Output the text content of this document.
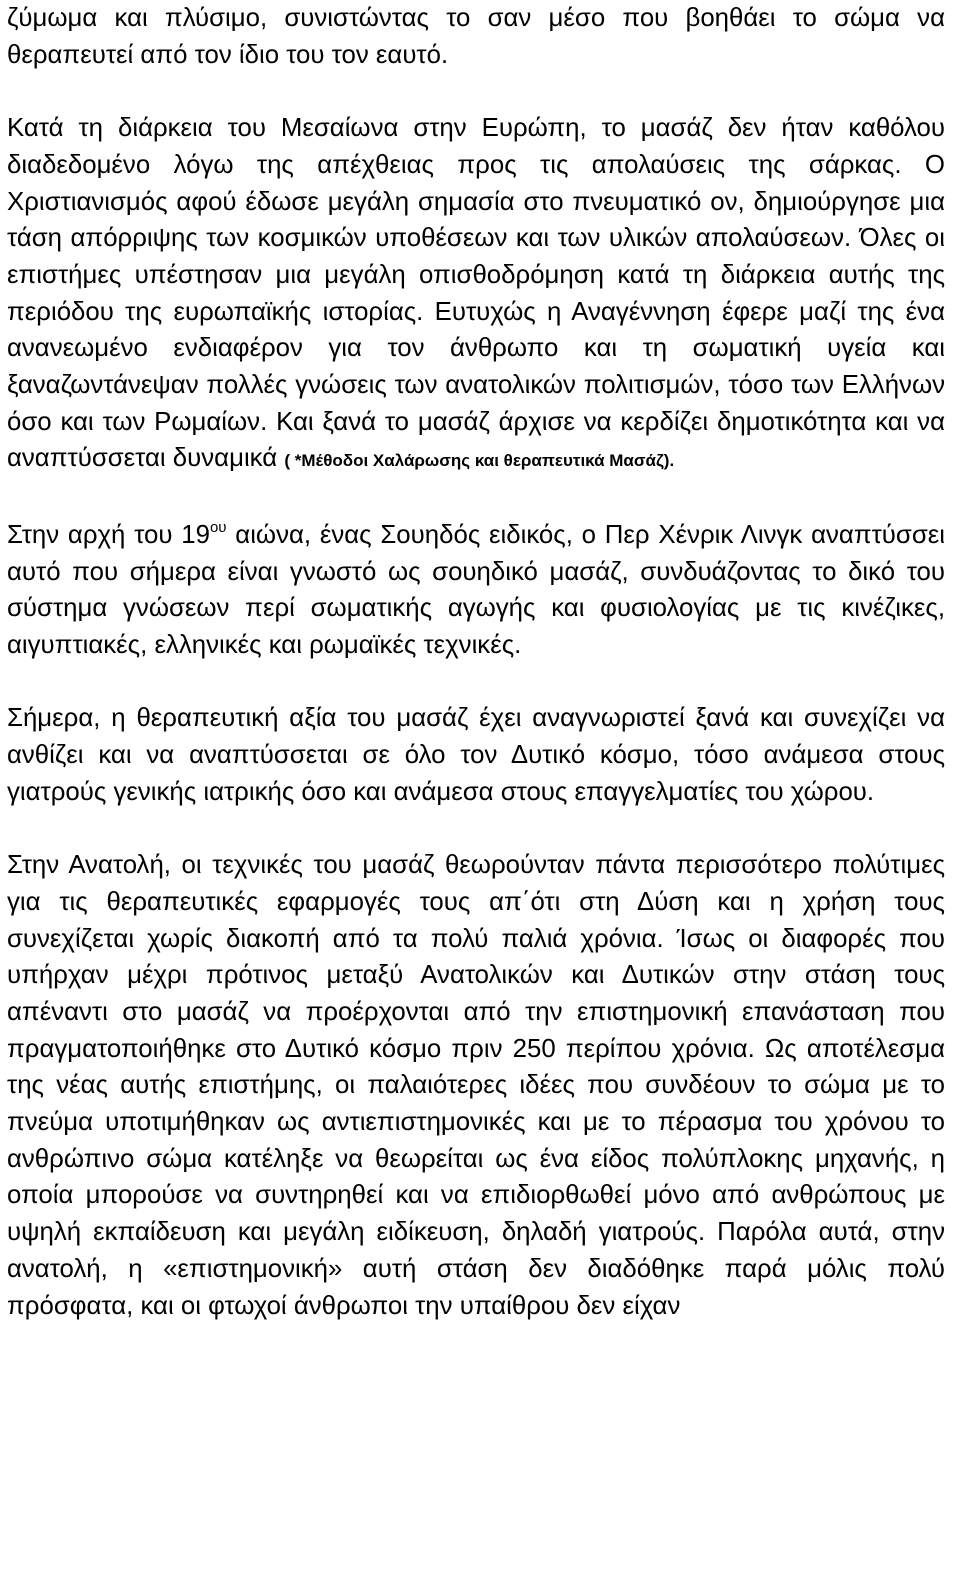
ζύμωμα και πλύσιμο, συνιστώντας το σαν μέσο που βοηθάει το σώμα να θεραπευτεί από τον ίδιο του τον εαυτό.

Κατά τη διάρκεια του Μεσαίωνα στην Ευρώπη, το μασάζ δεν ήταν καθόλου διαδεδομένο λόγω της απέχθειας προς τις απολαύσεις της σάρκας. Ο Χριστιανισμός αφού έδωσε μεγάλη σημασία στο πνευματικό ον, δημιούργησε μια τάση απόρριψης των κοσμικών υποθέσεων και των υλικών απολαύσεων. Όλες οι επιστήμες υπέστησαν μια μεγάλη οπισθοδρόμηση κατά τη διάρκεια αυτής της περιόδου της ευρωπαϊκής ιστορίας. Ευτυχώς η Αναγέννηση έφερε μαζί της ένα ανανεωμένο ενδιαφέρον για τον άνθρωπο και τη σωματική υγεία και ξαναζωντάνεψαν πολλές γνώσεις των ανατολικών πολιτισμών, τόσο των Ελλήνων όσο και των Ρωμαίων. Και ξανά το μασάζ άρχισε να κερδίζει δημοτικότητα και να αναπτύσσεται δυναμικά ( *Μέθοδοι Χαλάρωσης και θεραπευτικά Μασάζ).

Στην αρχή του $19^{o\upsilon}$ αιώνα, ένας Σουηδός ειδικός, ο Περ Χένρικ Λινγκ αναπτύσσει αυτό που σήμερα είναι γνωστό ως σουηδικό μασάζ, συνδυάζοντας το δικό του σύστημα γνώσεων περί σωματικής αγωγής και φυσιολογίας με τις κινέζικες, αιγυπτιακές, ελληνικές και ρωμαϊκές τεχνικές.

Σήμερα, η θεραπευτική αξία του μασάζ έχει αναγνωριστεί ξανά και συνεχίζει να ανθίζει και να αναπτύσσεται σε όλο τον Δυτικό κόσμο, τόσο ανάμεσα στους γιατρούς γενικής ιατρικής όσο και ανάμεσα στους επαγγελματίες του χώρου.

Στην Ανατολή, οι τεχνικές του μασάζ θεωρούνταν πάντα περισσότερο πολύτιμες για τις θεραπευτικές εφαρμογές τους απ΄ότι στη Δύση και η χρήση τους συνεχίζεται χωρίς διακοπή από τα πολύ παλιά χρόνια. Ίσως οι διαφορές που υπήρχαν μέχρι πρότινος μεταξύ Ανατολικών και Δυτικών στην στάση τους απέναντι στο μασάζ να προέρχονται από την επιστημονική επανάσταση που πραγματοποιήθηκε στο Δυτικό κόσμο πριν 250 περίπου χρόνια. Ως αποτέλεσμα της νέας αυτής επιστήμης, οι παλαιότερες ιδέες που συνδέουν το σώμα με το πνεύμα υποτιμήθηκαν ως αντιεπιστημονικές και με το πέρασμα του χρόνου το ανθρώπινο σώμα κατέληξε να θεωρείται ως ένα είδος πολύπλοκης μηχανής, η οποία μπορούσε να συντηρηθεί και να επιδιορθωθεί μόνο από ανθρώπους με υψηλή εκπαίδευση και μεγάλη ειδίκευση, δηλαδή γιατρούς. Παρόλα αυτά, στην ανατολή, η «επιστημονική» αυτή στάση δεν διαδόθηκε παρά μόλις πολύ πρόσφατα, και οι φτωχοί άνθρωποι την υπαίθρου δεν είχαν
